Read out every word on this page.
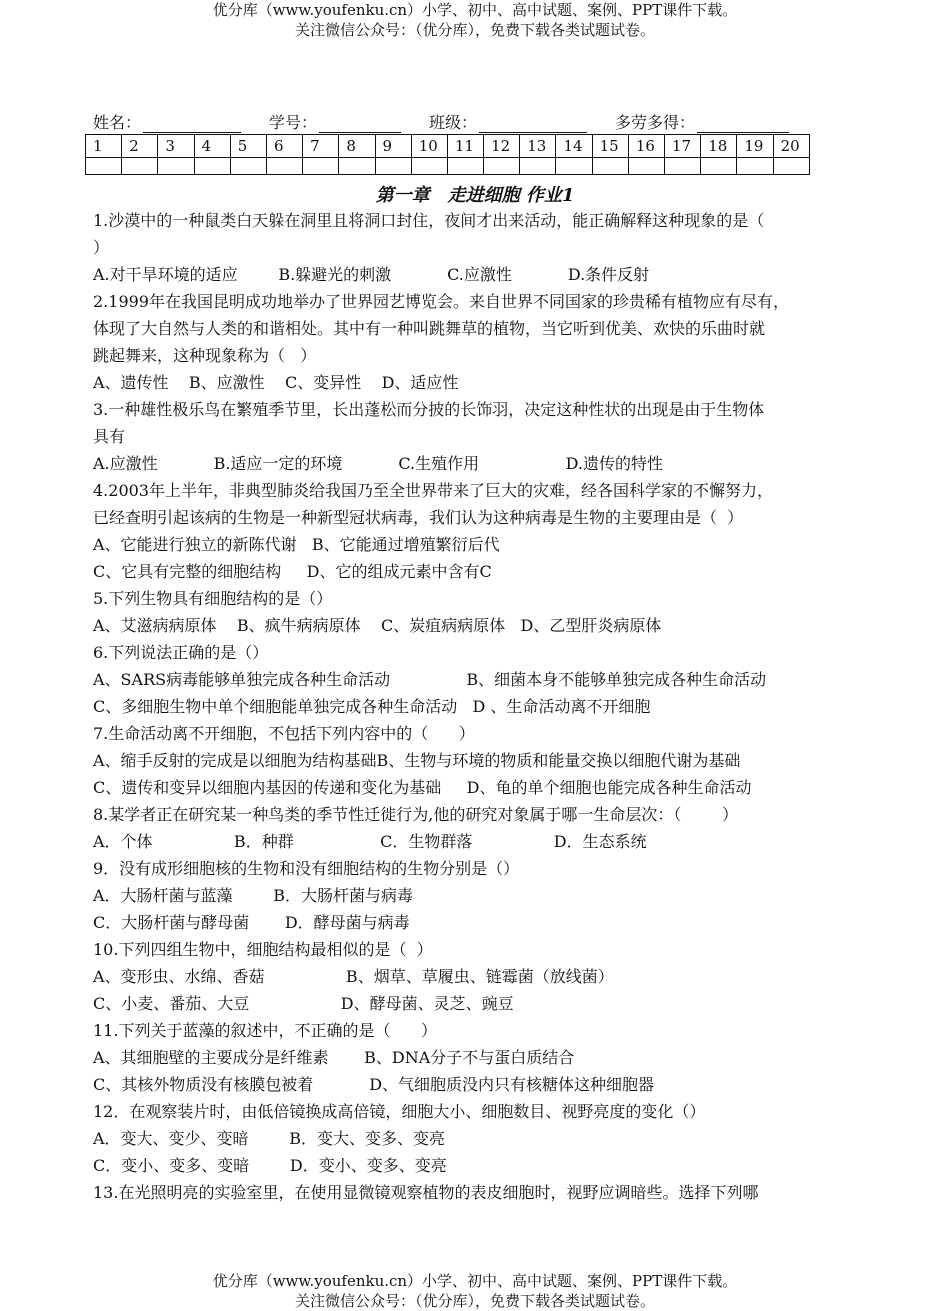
优分库（www.youfenku.cn）小学、初中、高中试题、案例、PPT课件下载。
关注微信公众号：（优分库），免费下载各类试题试卷。
姓名：	学号：	班级：	多劳多得：
1	2	3	4	5	6	7	8	9	10	11	12	13	14	15	16	17	18	19	20

第一章　走进细胞 作业1

1.沙漠中的一种鼠类白天躲在洞里且将洞口封住，夜间才出来活动，能正确解释这种现象的是（

）

A.对干旱环境的适应        B.躲避光的刺激           C.应激性           D.条件反射

2.1999年在我国昆明成功地举办了世界园艺博览会。来自世界不同国家的珍贵稀有植物应有尽有，

体现了大自然与人类的和谐相处。其中有一种叫跳舞草的植物，当它听到优美、欢快的乐曲时就

跳起舞来，这种现象称为（   ）

A、遗传性    B、应激性    C、变异性    D、适应性

3.一种雄性极乐鸟在繁殖季节里，长出蓬松而分披的长饰羽，决定这种性状的出现是由于生物体

具有

A.应激性           B.适应一定的环境           C.生殖作用                 D.遗传的特性

4.2003年上半年，非典型肺炎给我国乃至全世界带来了巨大的灾难，经各国科学家的不懈努力，

已经查明引起该病的生物是一种新型冠状病毒，我们认为这种病毒是生物的主要理由是（  ）

A、它能进行独立的新陈代谢   B、它能通过增殖繁衍后代

C、它具有完整的细胞结构     D、它的组成元素中含有C

5.下列生物具有细胞结构的是（）

A、艾滋病病原体    B、疯牛病病原体    C、炭疽病病原体   D、乙型肝炎病原体

6.下列说法正确的是（）

A、SARS病毒能够单独完成各种生命活动               B、细菌本身不能够单独完成各种生命活动

C、多细胞生物中单个细胞能单独完成各种生命活动   D 、生命活动离不开细胞

7.生命活动离不开细胞，不包括下列内容中的（      ）

A、缩手反射的完成是以细胞为结构基础B、生物与环境的物质和能量交换以细胞代谢为基础

C、遗传和变异以细胞内基因的传递和变化为基础     D、龟的单个细胞也能完成各种生命活动

8.某学者正在研究某一种鸟类的季节性迁徙行为,他的研究对象属于哪一生命层次：（        ）

A．个体                B．种群                 C．生物群落                D．生态系统

9．没有成形细胞核的生物和没有细胞结构的生物分别是（）

A．大肠杆菌与蓝藻        B．大肠杆菌与病毒

C．大肠杆菌与酵母菌       D．酵母菌与病毒

10.下列四组生物中，细胞结构最相似的是（  ）

A、变形虫、水绵、香菇                B、烟草、草履虫、链霉菌（放线菌）

C、小麦、番茄、大豆                  D、酵母菌、灵芝、豌豆

11.下列关于蓝藻的叙述中，不正确的是（      ）

A、其细胞壁的主要成分是纤维素       B、DNA分子不与蛋白质结合

C、其核外物质没有核膜包被着           D、气细胞质没内只有核糖体这种细胞器

12．在观察装片时，由低倍镜换成高倍镜，细胞大小、细胞数目、视野亮度的变化（）

A．变大、变少、变暗        B．变大、变多、变亮

C．变小、变多、变暗        D．变小、变多、变亮

13.在光照明亮的实验室里，在使用显微镜观察植物的表皮细胞时，视野应调暗些。选择下列哪

优分库（www.youfenku.cn）小学、初中、高中试题、案例、PPT课件下载。
关注微信公众号：（优分库），免费下载各类试题试卷。
